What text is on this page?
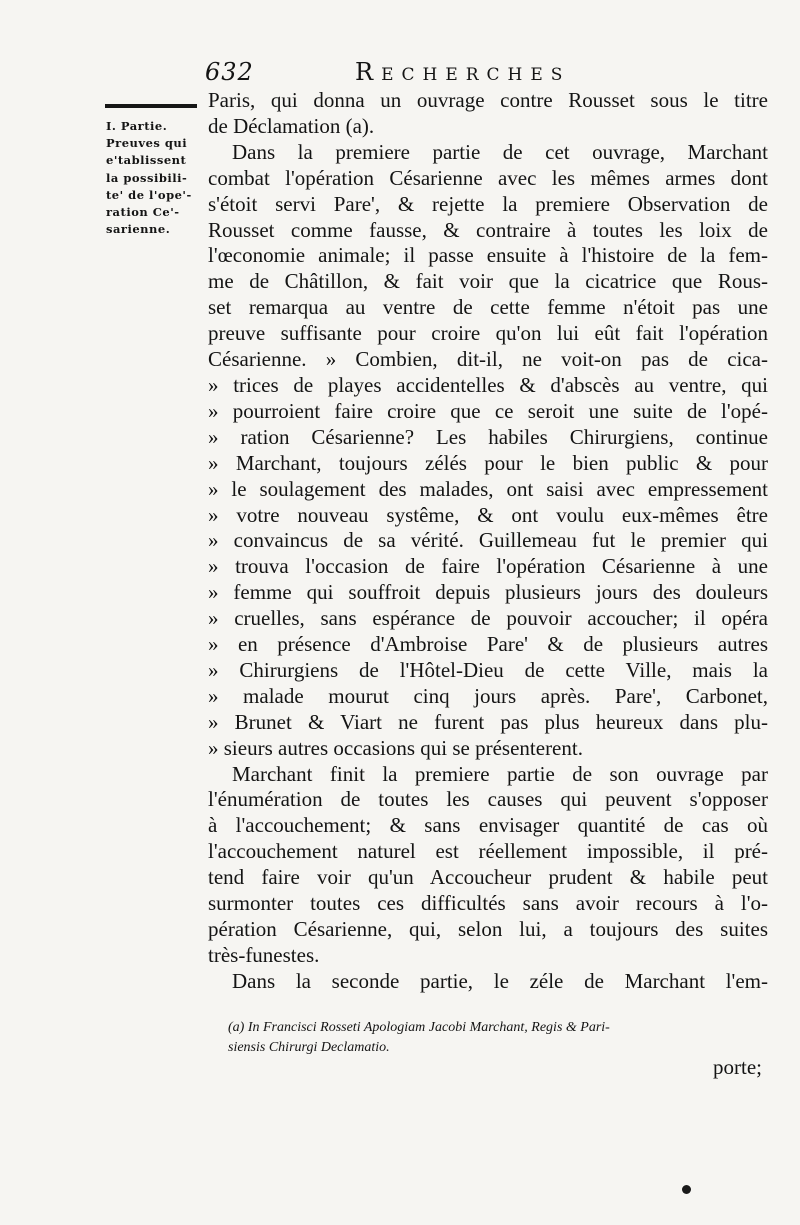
632	Recherches
I. Partie.
Preuves qui
e'tablissent
la possibili-
te' de l'ope'-
ration Ce'-
sarienne.
Paris, qui donna un ouvrage contre Rousset sous le titre
de Déclamation (a).
Dans la premiere partie de cet ouvrage, Marchant
combat l'opération Césarienne avec les mêmes armes dont
s'étoit servi Pare', & rejette la premiere Observation de
Rousset comme fausse, & contraire à toutes les loix de
l'œconomie animale; il passe ensuite à l'histoire de la fem-
me de Châtillon, & fait voir que la cicatrice que Rous-
set remarqua au ventre de cette femme n'étoit pas une
preuve suffisante pour croire qu'on lui eût fait l'opération
Césarienne. » Combien, dit-il, ne voit-on pas de cica-
» trices de playes accidentelles & d'abscès au ventre, qui
» pourroient faire croire que ce seroit une suite de l'opé-
» ration Césarienne? Les habiles Chirurgiens, continue
» Marchant, toujours zélés pour le bien public & pour
» le soulagement des malades, ont saisi avec empressement
» votre nouveau systême, & ont voulu eux-mêmes être
» convaincus de sa vérité. Guillemeau fut le premier qui
» trouva l'occasion de faire l'opération Césarienne à une
» femme qui souffroit depuis plusieurs jours des douleurs
» cruelles, sans espérance de pouvoir accoucher; il opéra
» en présence d'Ambroise Pare' & de plusieurs autres
» Chirurgiens de l'Hôtel-Dieu de cette Ville, mais la
» malade mourut cinq jours après. Pare', Carbonet,
» Brunet & Viart ne furent pas plus heureux dans plu-
» sieurs autres occasions qui se présenterent.
Marchant finit la premiere partie de son ouvrage par
l'énumération de toutes les causes qui peuvent s'opposer
à l'accouchement; & sans envisager quantité de cas où
l'accouchement naturel est réellement impossible, il pré-
tend faire voir qu'un Accoucheur prudent & habile peut
surmonter toutes ces difficultés sans avoir recours à l'o-
pération Césarienne, qui, selon lui, a toujours des suites
très-funestes.
Dans la seconde partie, le zéle de Marchant l'em-
(a) In Francisci Rosseti Apologiam Jacobi Marchant, Regis & Pari-
siensis Chirurgi Declamatio.
porte;
